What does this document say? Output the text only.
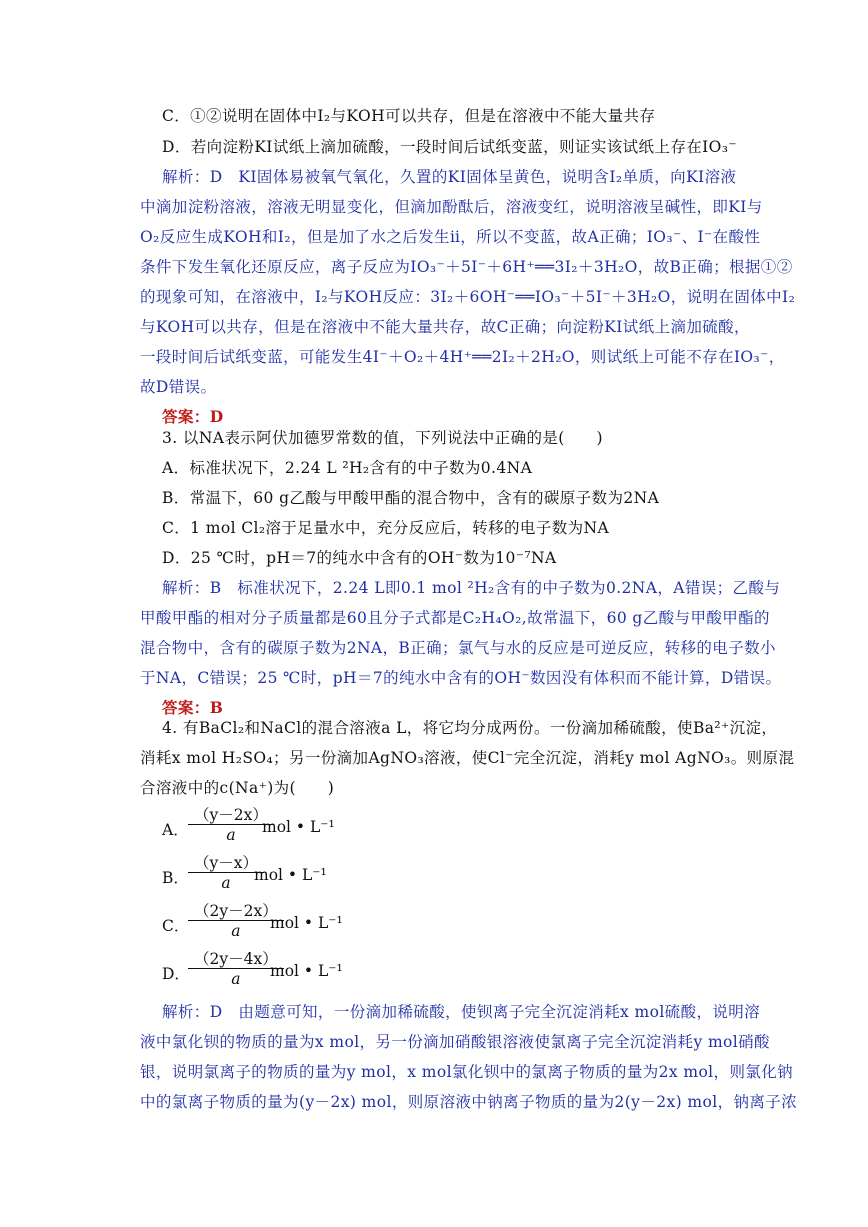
C．①②说明在固体中I₂与KOH可以共存，但是在溶液中不能大量共存
D．若向淀粉KI试纸上滴加硫酸，一段时间后试纸变蓝，则证实该试纸上存在IO₃⁻
解析：D　KI固体易被氧气氧化，久置的KI固体呈黄色，说明含I₂单质，向KI溶液
中滴加淀粉溶液，溶液无明显变化，但滴加酚酞后，溶液变红，说明溶液呈碱性，即KI与
O₂反应生成KOH和I₂，但是加了水之后发生ⅱ，所以不变蓝，故A正确；IO₃⁻、I⁻在酸性
条件下发生氧化还原反应，离子反应为IO₃⁻＋5I⁻＋6H⁺══3I₂＋3H₂O，故B正确；根据①②
的现象可知，在溶液中，I₂与KOH反应：3I₂＋6OH⁻══IO₃⁻＋5I⁻＋3H₂O，说明在固体中I₂
与KOH可以共存，但是在溶液中不能大量共存，故C正确；向淀粉KI试纸上滴加硫酸，
一段时间后试纸变蓝，可能发生4I⁻＋O₂＋4H⁺══2I₂＋2H₂O，则试纸上可能不存在IO₃⁻，
故D错误。
答案：D
3. 以NA表示阿伏加德罗常数的值，下列说法中正确的是(　　)
A．标准状况下，2.24 L ²H₂含有的中子数为0.4NA
B．常温下，60 g乙酸与甲酸甲酯的混合物中，含有的碳原子数为2NA
C．1 mol Cl₂溶于足量水中，充分反应后，转移的电子数为NA
D．25 ℃时，pH＝7的纯水中含有的OH⁻数为10⁻⁷NA
解析：B　标准状况下，2.24 L即0.1 mol ²H₂含有的中子数为0.2NA，A错误；乙酸与
甲酸甲酯的相对分子质量都是60且分子式都是C₂H₄O₂,故常温下，60 g乙酸与甲酸甲酯的
混合物中，含有的碳原子数为2NA，B正确；氯气与水的反应是可逆反应，转移的电子数小
于NA，C错误；25 ℃时，pH＝7的纯水中含有的OH⁻数因没有体积而不能计算，D错误。
答案：B
4. 有BaCl₂和NaCl的混合溶液a L，将它均分成两份。一份滴加稀硫酸，使Ba²⁺沉淀，
消耗x mol H₂SO₄；另一份滴加AgNO₃溶液，使Cl⁻完全沉淀，消耗y mol AgNO₃。则原混
合溶液中的c(Na⁺)为(　　)
A． $\frac{(y-2x)}{a}$
mol • L⁻¹
B． $\frac{(y-x)}{a}$
mol • L⁻¹
C．
$\frac{(2y-2x)}{a}$
mol • L⁻¹
D．
$\frac{(2y-4x)}{a}$
mol • L⁻¹
解析：D　由题意可知，一份滴加稀硫酸，使钡离子完全沉淀消耗x mol硫酸，说明溶
液中氯化钡的物质的量为x mol，另一份滴加硝酸银溶液使氯离子完全沉淀消耗y mol硝酸
银，说明氯离子的物质的量为y mol，x mol氯化钡中的氯离子物质的量为2x mol，则氯化钠
中的氯离子物质的量为(y－2x) mol，则原溶液中钠离子物质的量为2(y－2x) mol，钠离子浓
